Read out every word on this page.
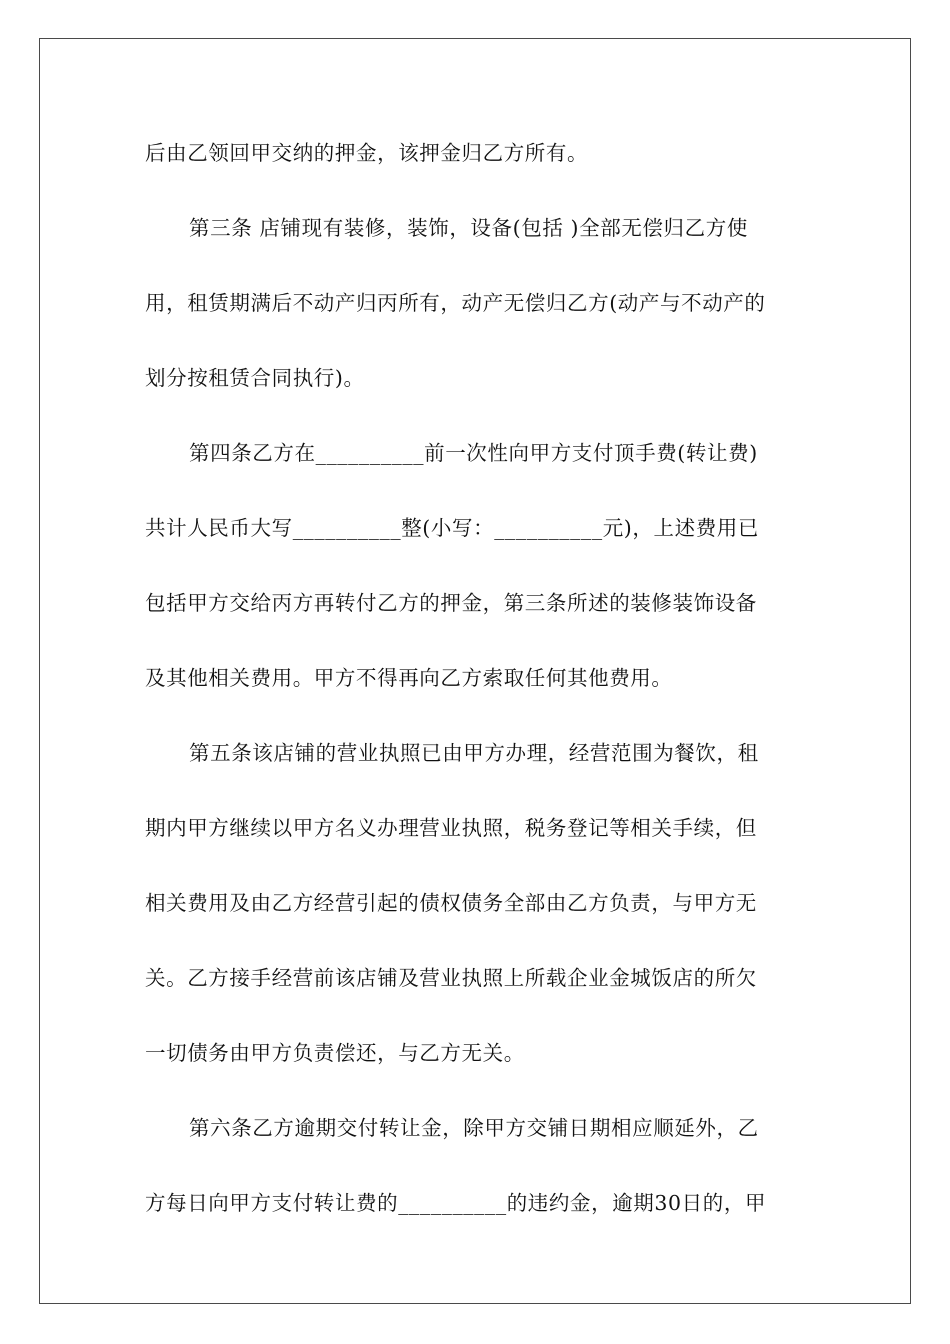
后由乙领回甲交纳的押金，该押金归乙方所有。
第三条 店铺现有装修，装饰，设备(包括 )全部无偿归乙方使
用，租赁期满后不动产归丙所有，动产无偿归乙方(动产与不动产的
划分按租赁合同执行)。
第四条乙方在__________前一次性向甲方支付顶手费(转让费)
共计人民币大写__________整(小写：__________元)，上述费用已
包括甲方交给丙方再转付乙方的押金，第三条所述的装修装饰设备
及其他相关费用。甲方不得再向乙方索取任何其他费用。
第五条该店铺的营业执照已由甲方办理，经营范围为餐饮，租
期内甲方继续以甲方名义办理营业执照，税务登记等相关手续，但
相关费用及由乙方经营引起的债权债务全部由乙方负责，与甲方无
关。乙方接手经营前该店铺及营业执照上所载企业金城饭店的所欠
一切债务由甲方负责偿还，与乙方无关。
第六条乙方逾期交付转让金，除甲方交铺日期相应顺延外，乙
方每日向甲方支付转让费的__________的违约金，逾期30日的，甲
